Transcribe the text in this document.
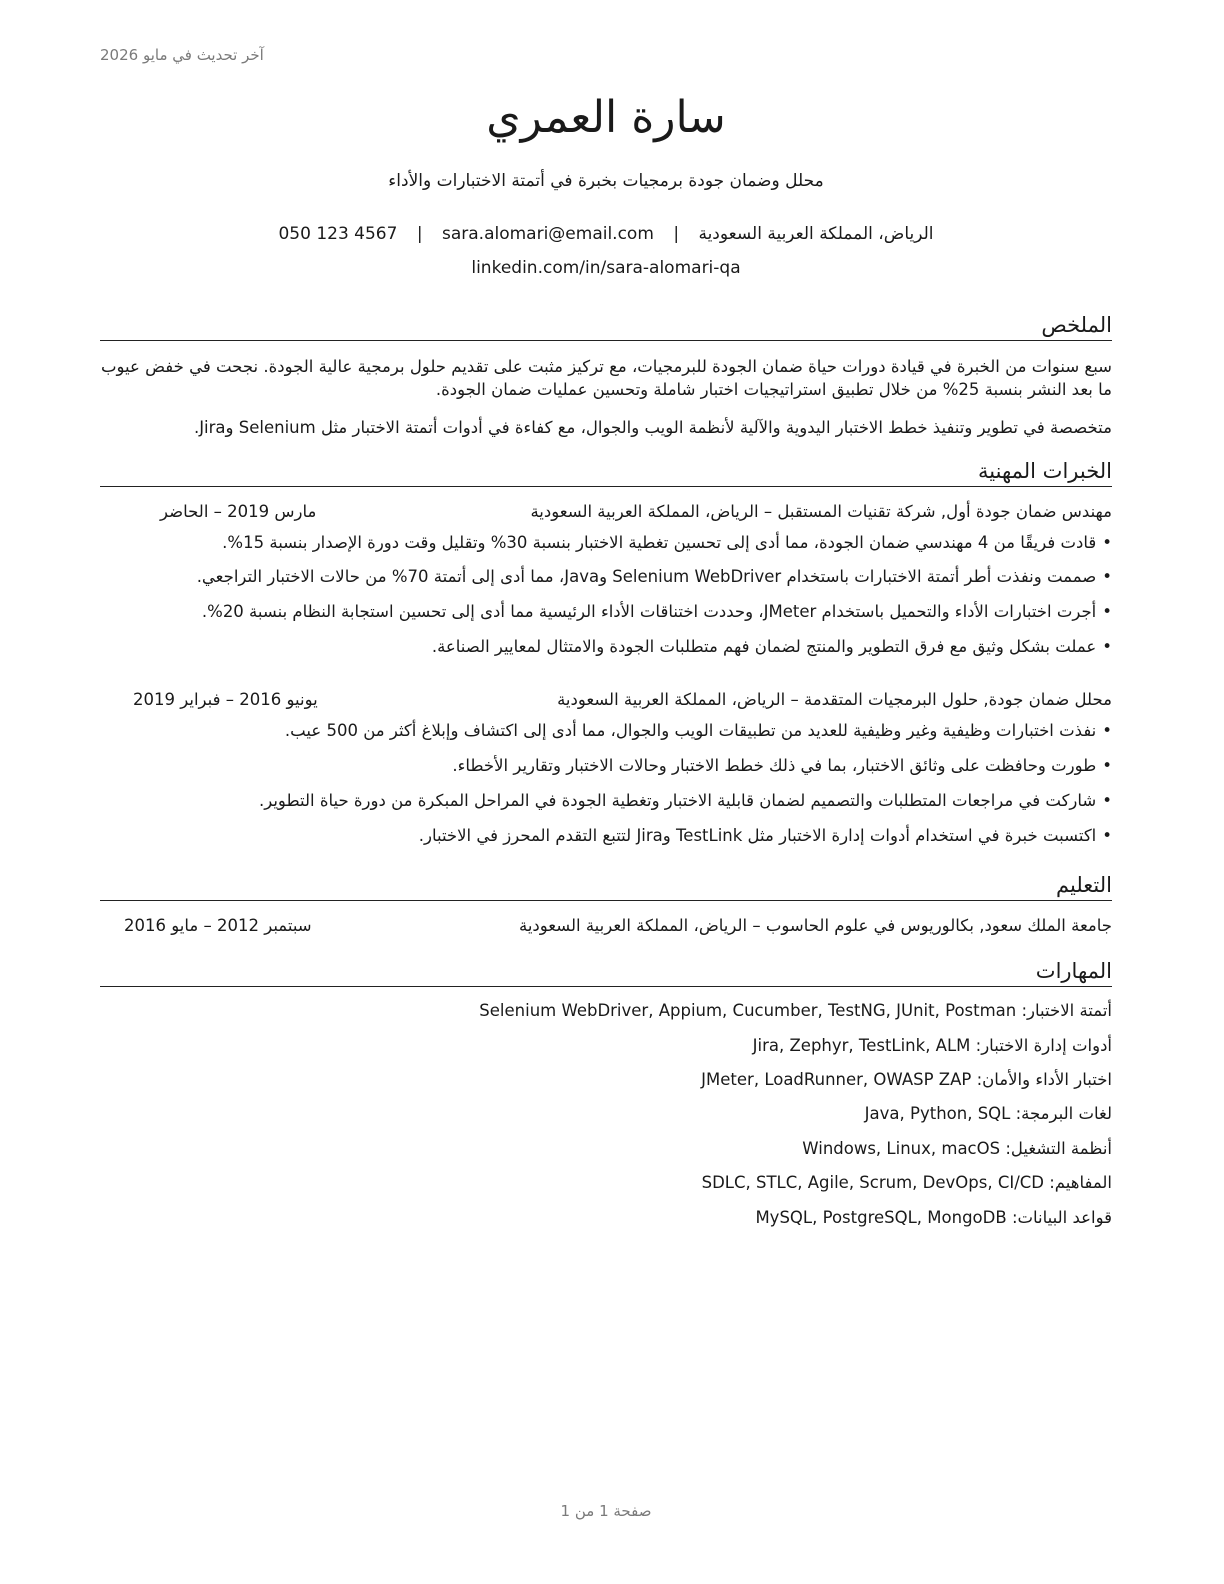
آخر تحديث في مايو 2026
سارة العمري
محلل وضمان جودة برمجيات بخبرة في أتمتة الاختبارات والأداء
الرياض، المملكة العربية السعودية | sara.alomari@email.com | 050 123 4567
linkedin.com/in/sara-alomari-qa
الملخص
سبع سنوات من الخبرة في قيادة دورات حياة ضمان الجودة للبرمجيات، مع تركيز مثبت على تقديم حلول برمجية عالية الجودة. نجحت في خفض عيوب ما بعد النشر بنسبة 25% من خلال تطبيق استراتيجيات اختبار شاملة وتحسين عمليات ضمان الجودة.
متخصصة في تطوير وتنفيذ خطط الاختبار اليدوية والآلية لأنظمة الويب والجوال، مع كفاءة في أدوات أتمتة الاختبار مثل Selenium وJira.
الخبرات المهنية
مهندس ضمان جودة أول, شركة تقنيات المستقبل – الرياض، المملكة العربية السعودية
مارس 2019 – الحاضر
•قادت فريقًا من 4 مهندسي ضمان الجودة، مما أدى إلى تحسين تغطية الاختبار بنسبة 30% وتقليل وقت دورة الإصدار بنسبة 15%.
•صممت ونفذت أطر أتمتة الاختبارات باستخدام Selenium WebDriver وJava، مما أدى إلى أتمتة 70% من حالات الاختبار التراجعي.
•أجرت اختبارات الأداء والتحميل باستخدام JMeter، وحددت اختناقات الأداء الرئيسية مما أدى إلى تحسين استجابة النظام بنسبة 20%.
•عملت بشكل وثيق مع فرق التطوير والمنتج لضمان فهم متطلبات الجودة والامتثال لمعايير الصناعة.
محلل ضمان جودة, حلول البرمجيات المتقدمة – الرياض، المملكة العربية السعودية
يونيو 2016 – فبراير 2019
•نفذت اختبارات وظيفية وغير وظيفية للعديد من تطبيقات الويب والجوال، مما أدى إلى اكتشاف وإبلاغ أكثر من 500 عيب.
•طورت وحافظت على وثائق الاختبار، بما في ذلك خطط الاختبار وحالات الاختبار وتقارير الأخطاء.
•شاركت في مراجعات المتطلبات والتصميم لضمان قابلية الاختبار وتغطية الجودة في المراحل المبكرة من دورة حياة التطوير.
•اكتسبت خبرة في استخدام أدوات إدارة الاختبار مثل TestLink وJira لتتبع التقدم المحرز في الاختبار.
التعليم
جامعة الملك سعود, بكالوريوس في علوم الحاسوب – الرياض، المملكة العربية السعودية
سبتمبر 2012 – مايو 2016
المهارات
أتمتة الاختبار: Selenium WebDriver, Appium, Cucumber, TestNG, JUnit, Postman
أدوات إدارة الاختبار: Jira, Zephyr, TestLink, ALM
اختبار الأداء والأمان: JMeter, LoadRunner, OWASP ZAP
لغات البرمجة: Java, Python, SQL
أنظمة التشغيل: Windows, Linux, macOS
المفاهيم: SDLC, STLC, Agile, Scrum, DevOps, CI/CD
قواعد البيانات: MySQL, PostgreSQL, MongoDB
صفحة 1 من 1
